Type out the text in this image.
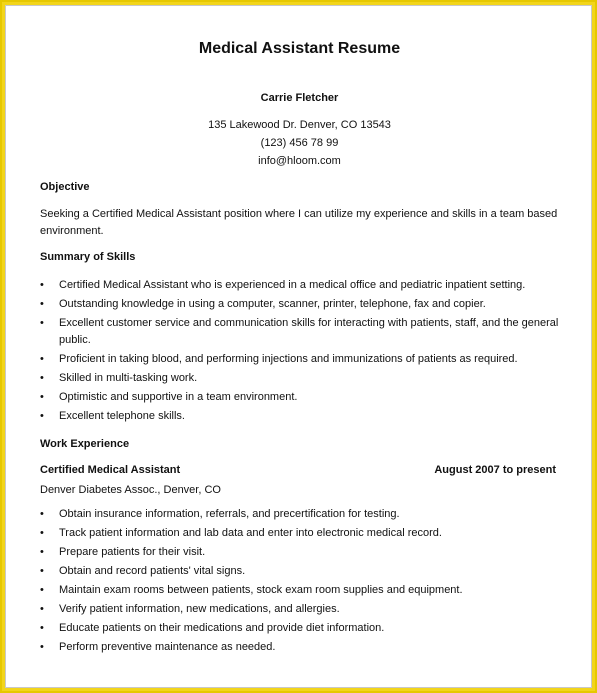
Medical Assistant Resume
Carrie Fletcher
135 Lakewood Dr. Denver, CO 13543
(123) 456 78 99
info@hloom.com
Objective
Seeking a Certified Medical Assistant position where I can utilize my experience and skills in a team based environment.
Summary of Skills
• Certified Medical Assistant who is experienced in a medical office and pediatric inpatient setting.
• Outstanding knowledge in using a computer, scanner, printer, telephone, fax and copier.
• Excellent customer service and communication skills for interacting with patients, staff, and the general public.
• Proficient in taking blood, and performing injections and immunizations of patients as required.
• Skilled in multi-tasking work.
• Optimistic and supportive in a team environment.
• Excellent telephone skills.
Work Experience
Certified Medical Assistant	August 2007 to present
Denver Diabetes Assoc., Denver, CO
• Obtain insurance information, referrals, and precertification for testing.
• Track patient information and lab data and enter into electronic medical record.
• Prepare patients for their visit.
• Obtain and record patients' vital signs.
• Maintain exam rooms between patients, stock exam room supplies and equipment.
• Verify patient information, new medications, and allergies.
• Educate patients on their medications and provide diet information.
• Perform preventive maintenance as needed.
